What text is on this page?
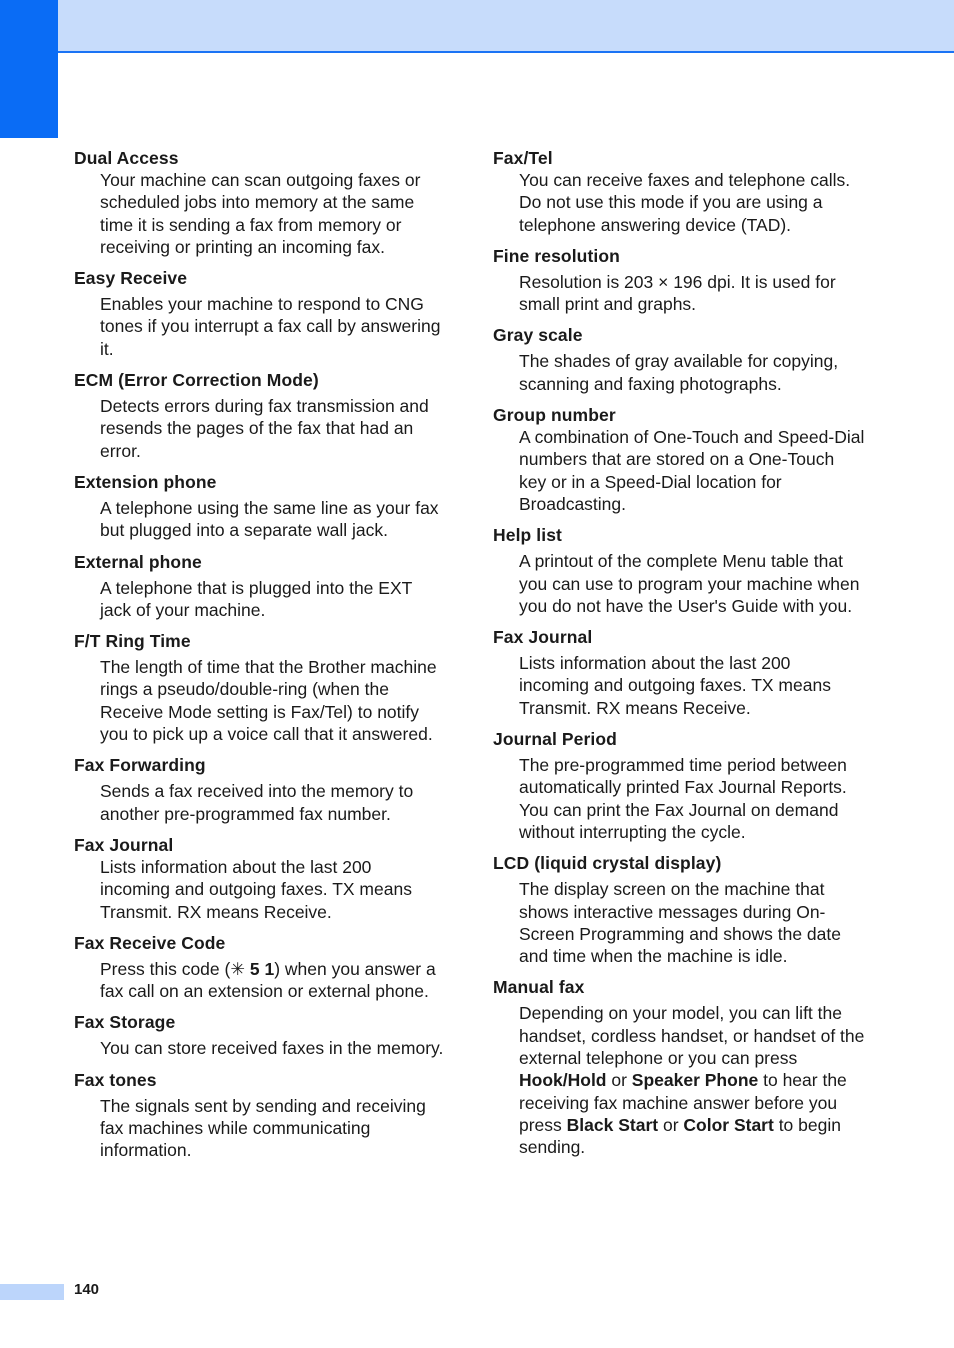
Dual Access

Your machine can scan outgoing faxes or scheduled jobs into memory at the same time it is sending a fax from memory or receiving or printing an incoming fax.

Easy Receive

Enables your machine to respond to CNG tones if you interrupt a fax call by answering it.

ECM (Error Correction Mode)

Detects errors during fax transmission and resends the pages of the fax that had an error.

Extension phone

A telephone using the same line as your fax but plugged into a separate wall jack.

External phone

A telephone that is plugged into the EXT jack of your machine.

F/T Ring Time

The length of time that the Brother machine rings a pseudo/double-ring (when the Receive Mode setting is Fax/Tel) to notify you to pick up a voice call that it answered.

Fax Forwarding

Sends a fax received into the memory to another pre-programmed fax number.

Fax Journal

Lists information about the last 200 incoming and outgoing faxes. TX means Transmit. RX means Receive.

Fax Receive Code

Press this code (✳ 5 1) when you answer a fax call on an extension or external phone.

Fax Storage

You can store received faxes in the memory.

Fax tones

The signals sent by sending and receiving fax machines while communicating information.

Fax/Tel

You can receive faxes and telephone calls. Do not use this mode if you are using a telephone answering device (TAD).

Fine resolution

Resolution is 203 × 196 dpi. It is used for small print and graphs.

Gray scale

The shades of gray available for copying, scanning and faxing photographs.

Group number

A combination of One-Touch and Speed-Dial numbers that are stored on a One-Touch key or in a Speed-Dial location for Broadcasting.

Help list

A printout of the complete Menu table that you can use to program your machine when you do not have the User's Guide with you.

Fax Journal

Lists information about the last 200 incoming and outgoing faxes. TX means Transmit. RX means Receive.

Journal Period

The pre-programmed time period between automatically printed Fax Journal Reports. You can print the Fax Journal on demand without interrupting the cycle.

LCD (liquid crystal display)

The display screen on the machine that shows interactive messages during On-Screen Programming and shows the date and time when the machine is idle.

Manual fax

Depending on your model, you can lift the handset, cordless handset, or handset of the external telephone or you can press Hook/Hold or Speaker Phone to hear the receiving fax machine answer before you press Black Start or Color Start to begin sending.

140
